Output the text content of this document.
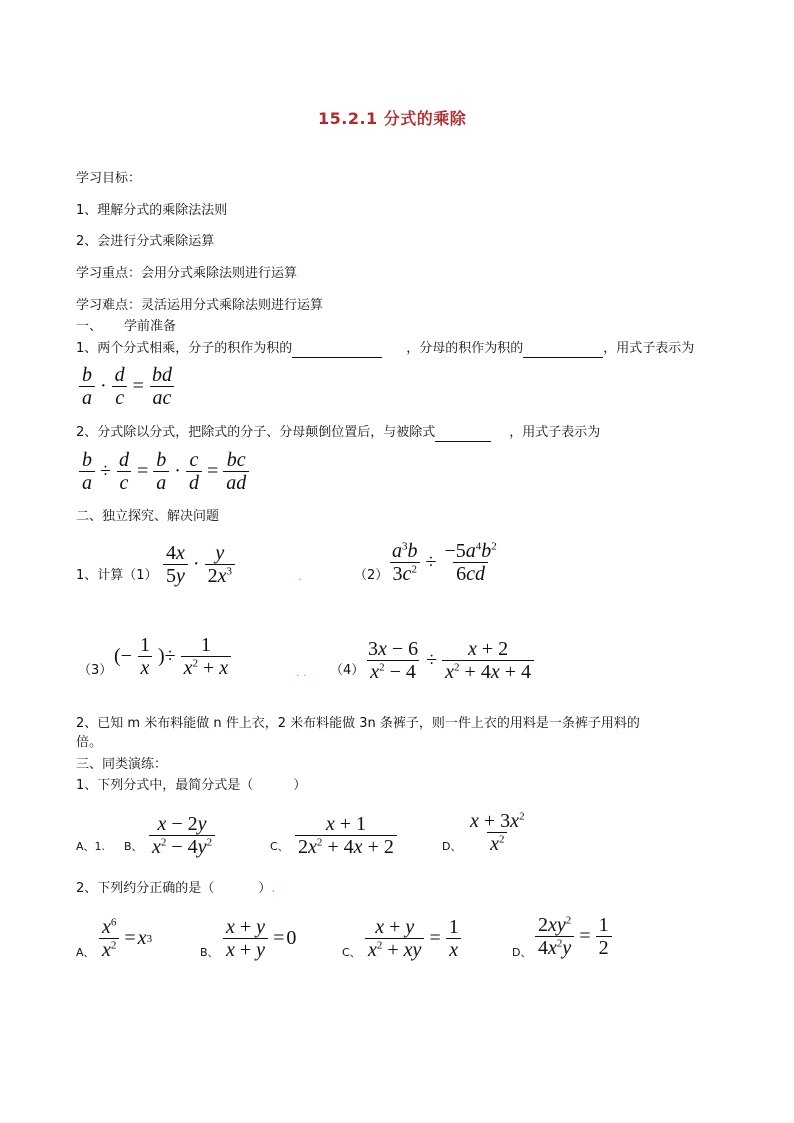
15.2.1 分式的乘除
学习目标：
1、理解分式的乘除法法则
2、会进行分式乘除运算
学习重点：会用分式乘除法则进行运算
学习难点：灵活运用分式乘除法则进行运算
一、 学前准备
1、两个分式相乘，分子的积作为积的	，分母的积作为积的	，用式子表示为
$\frac{b}{a} \cdot \frac{d}{c} = \frac{bd}{ac}$
2、分式除以分式，把除式的分子、分母颠倒位置后，与被除式	，用式子表示为
$\frac{b}{a} \div \frac{d}{c} = \frac{b}{a} \cdot \frac{c}{d} = \frac{bc}{ad}$
二、独立探究、解决问题
1、计算$(1) \frac{4x}{5y} \cdot \frac{y}{2x^3}$	.	$(2) \frac{a^3b}{3c^2} \div \frac{-5a^4b^2}{6cd}$
（3）
(− $\frac{1}{x}$ )÷ $\frac{1}{x^2 + x}$	. . $(4) \frac{3x - 6}{x^2 - 4} \div \frac{x + 2}{x^2 + 4x + 4}$
2、已知 m 米布料能做 n 件上衣，2 米布料能做 3n 条裤子，则一件上衣的用料是一条裤子用料的
倍。
三、同类演练：
1、下列分式中，最简分式是（	）
A、1. B、 $\frac{x - 2y}{x^2 - 4y^2}$	C、 $\frac{x + 1}{2x^2 + 4x + 2}$	D、 $\frac{x + 3x^2}{x^2}$
2、下列约分正确的是（	）.
A、 $\frac{x^6}{x^2} = x$ 3
B、 $\frac{x + y}{x + y} = 0$
C、 $\frac{x + y}{x^2 + xy} = \frac{1}{x}$	D、 $\frac{2xy^2}{4x^2y} = \frac{1}{2}$
